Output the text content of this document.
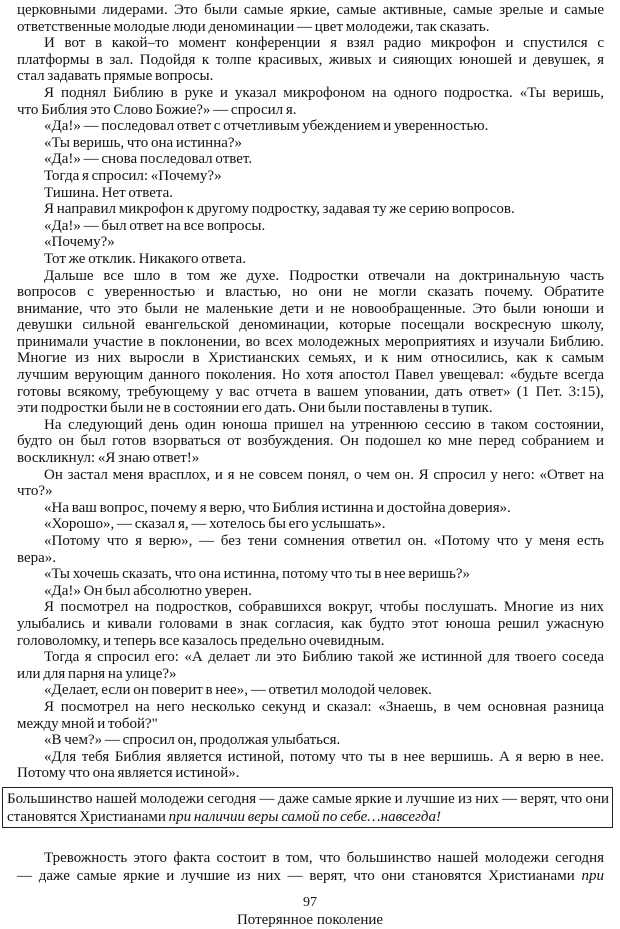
церковными лидерами. Это были самые яркие, самые активные, самые зрелые и самые
ответственные молодые люди деноминации — цвет молодежи, так сказать.
И вот в какой–то момент конференции я взял радио микрофон и спустился с
платформы в зал. Подойдя к толпе красивых, живых и сияющих юношей и девушек, я
стал задавать прямые вопросы.
Я поднял Библию в руке и указал микрофоном на одного подростка. «Ты веришь,
что Библия это Слово Божие?» — спросил я.
«Да!» — последовал ответ с отчетливым убеждением и уверенностью.
«Ты веришь, что она истинна?»
«Да!» — снова последовал ответ.
Тогда я спросил: «Почему?»
Тишина. Нет ответа.
Я направил микрофон к другому подростку, задавая ту же серию вопросов.
«Да!» — был ответ на все вопросы.
«Почему?»
Тот же отклик. Никакого ответа.
Дальше все шло в том же духе. Подростки отвечали на доктринальную часть
вопросов с уверенностью и властью, но они не могли сказать почему. Обратите
внимание, что это были не маленькие дети и не новообращенные. Это были юноши и
девушки сильной евангельской деноминации, которые посещали воскресную школу,
принимали участие в поклонении, во всех молодежных мероприятиях и изучали Библию.
Многие из них выросли в Христианских семьях, и к ним относились, как к самым
лучшим верующим данного поколения. Но хотя апостол Павел увещевал: «будьте всегда
готовы всякому, требующему у вас отчета в вашем уповании, дать ответ» (1 Пет. 3:15),
эти подростки были не в состоянии его дать. Они были поставлены в тупик.
На следующий день один юноша пришел на утреннюю сессию в таком состоянии,
будто он был готов взорваться от возбуждения. Он подошел ко мне перед собранием и
воскликнул: «Я знаю ответ!»
Он застал меня врасплох, и я не совсем понял, о чем он. Я спросил у него: «Ответ на
что?»
«На ваш вопрос, почему я верю, что Библия истинна и достойна доверия».
«Хорошо», — сказал я, — хотелось бы его услышать».
«Потому что я верю», — без тени сомнения ответил он. «Потому что у меня есть
вера».
«Ты хочешь сказать, что она истинна, потому что ты в нее веришь?»
«Да!» Он был абсолютно уверен.
Я посмотрел на подростков, собравшихся вокруг, чтобы послушать. Многие из них
улыбались и кивали головами в знак согласия, как будто этот юноша решил ужасную
головоломку, и теперь все казалось предельно очевидным.
Тогда я спросил его: «А делает ли это Библию такой же истинной для твоего соседа
или для парня на улице?»
«Делает, если он поверит в нее», — ответил молодой человек.
Я посмотрел на него несколько секунд и сказал: «Знаешь, в чем основная разница
между мной и тобой?"
«В чем?» — спросил он, продолжая улыбаться.
«Для тебя Библия является истиной, потому что ты в нее вершишь. А я верю в нее.
Потому что она является истиной».
Большинство нашей молодежи сегодня — даже самые яркие и лучшие из них — верят, что они
становятся Христианами при наличии веры самой по себе…навсегда!
Тревожность этого факта состоит в том, что большинство нашей молодежи сегодня
— даже самые яркие и лучшие из них — верят, что они становятся Христианами при
97
Потерянное поколение
